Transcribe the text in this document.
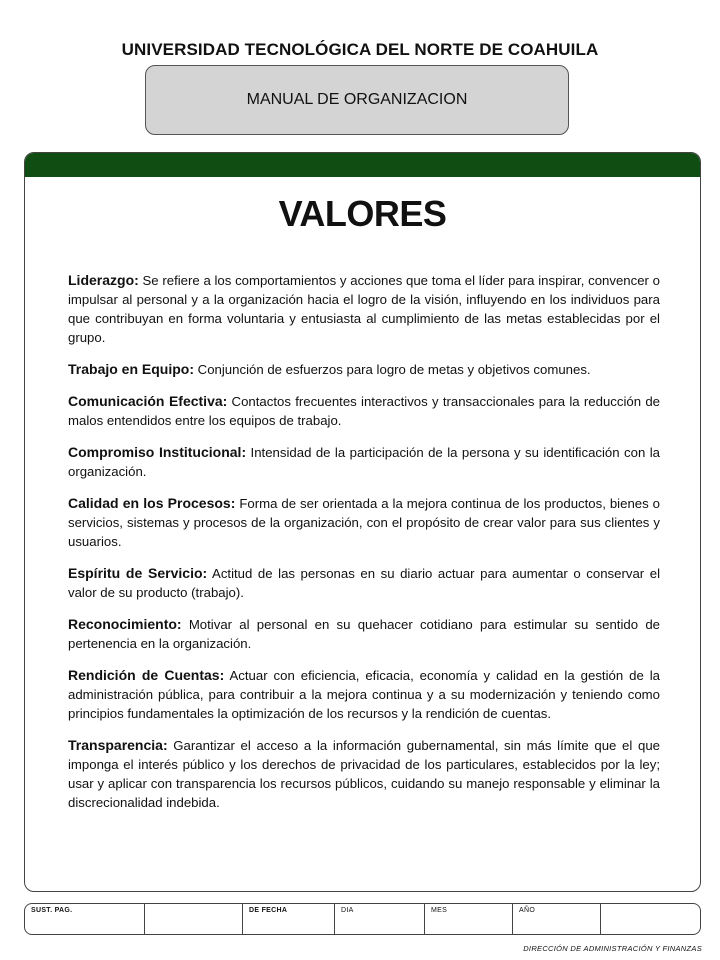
UNIVERSIDAD TECNOLÓGICA DEL NORTE DE COAHUILA
MANUAL DE ORGANIZACION
VALORES

Liderazgo: Se refiere a los comportamientos y acciones que toma el líder para inspirar, convencer o impulsar al personal y a la organización hacia el logro de la visión, influyendo en los individuos para que contribuyan en forma voluntaria y entusiasta al cumplimiento de las metas establecidas por el grupo.

Trabajo en Equipo: Conjunción de esfuerzos para logro de metas y objetivos comunes.

Comunicación Efectiva: Contactos frecuentes interactivos y transaccionales para la reducción de malos entendidos entre los equipos de trabajo.

Compromiso Institucional: Intensidad de la participación de la persona y su identificación con la organización.

Calidad en los Procesos: Forma de ser orientada a la mejora continua de los productos, bienes o servicios, sistemas y procesos de la organización, con el propósito de crear valor para sus clientes y usuarios.

Espíritu de Servicio: Actitud de las personas en su diario actuar para aumentar o conservar el valor de su producto (trabajo).

Reconocimiento: Motivar al personal en su quehacer cotidiano para estimular su sentido de pertenencia en la organización.

Rendición de Cuentas: Actuar con eficiencia, eficacia, economía y calidad en la gestión de la administración pública, para contribuir a la mejora continua y a su modernización y teniendo como principios fundamentales la optimización de los recursos y la rendición de cuentas.

Transparencia: Garantizar el acceso a la información gubernamental, sin más límite que el que imponga el interés público y los derechos de privacidad de los particulares, establecidos por la ley; usar y aplicar con transparencia los recursos públicos, cuidando su manejo responsable y eliminar la discrecionalidad indebida.

SUST. PAG.	DE FECHA	DIA	MES	AÑO
DIRECCIÓN DE ADMINISTRACIÓN Y FINANZAS
